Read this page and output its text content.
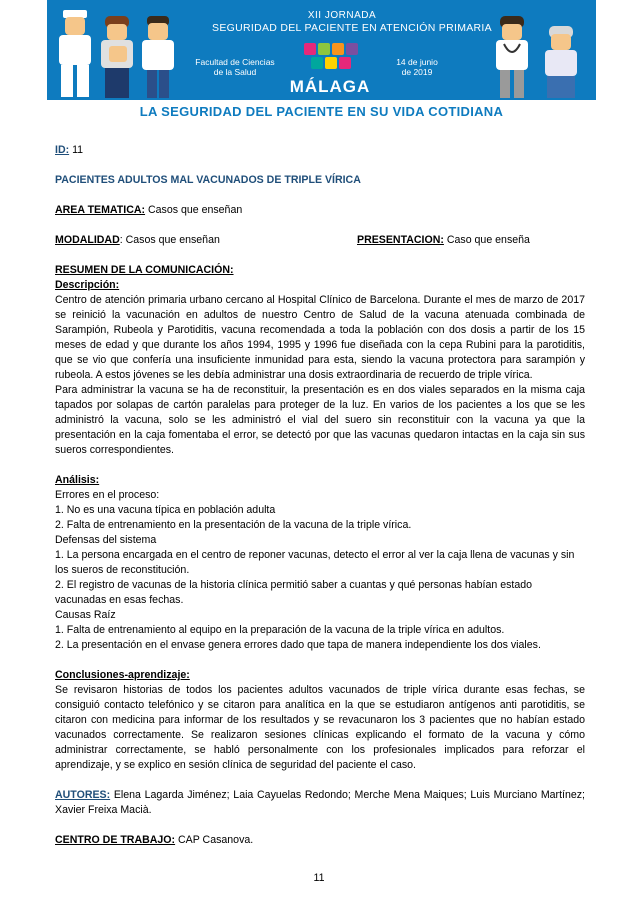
XII JORNADA
SEGURIDAD DEL PACIENTE EN ATENCIÓN PRIMARIA
Facultad de Ciencias
de la Salud
14 de junio
de 2019
MÁLAGA
LA SEGURIDAD DEL PACIENTE EN SU VIDA COTIDIANA

ID: 11

PACIENTES ADULTOS MAL VACUNADOS DE TRIPLE VÍRICA

AREA TEMATICA: Casos que enseñan

MODALIDAD: Casos que enseñan	PRESENTACION: Caso que enseña

RESUMEN DE LA COMUNICACIÓN:

Descripción:

Centro de atención primaria urbano cercano al Hospital Clínico de Barcelona. Durante el mes de marzo de 2017 se reinició la vacunación en adultos de nuestro Centro de Salud de la vacuna atenuada combinada de Sarampión, Rubeola y Parotiditis, vacuna recomendada a toda la población con dos dosis a partir de los 15 meses de edad y que durante los años 1994, 1995 y 1996 fue diseñada con la cepa Rubini para la parotiditis, que se vio que confería una insuficiente inmunidad para esta, siendo la vacuna protectora para sarampión y rubeola. A estos jóvenes se les debía administrar una dosis extraordinaria de recuerdo de triple vírica.

Para administrar la vacuna se ha de reconstituir, la presentación es en dos viales separados en la misma caja tapados por solapas de cartón paralelas para proteger de la luz. En varios de los pacientes a los que se les administró la vacuna, solo se les administró el vial del suero sin reconstituir con la vacuna ya que la presentación en la caja fomentaba el error, se detectó por que las vacunas quedaron intactas en la caja sin sus sueros correspondientes.

Análisis:

Errores en el proceso:

1. No es una vacuna típica en población adulta

2. Falta de entrenamiento en la presentación de la vacuna de la triple vírica.

Defensas del sistema

1. La persona encargada en el centro de reponer vacunas, detecto el error al ver la caja llena de vacunas y sin los sueros de reconstitución.

2. El registro de vacunas de la historia clínica permitió saber a cuantas y qué personas habían estado vacunadas en esas fechas.

Causas Raíz

1. Falta de entrenamiento al equipo en la preparación de la vacuna de la triple vírica en adultos.

2. La presentación en el envase genera errores dado que tapa de manera independiente los dos viales.

Conclusiones-aprendizaje:

Se revisaron historias de todos los pacientes adultos vacunados de triple vírica durante esas fechas, se consiguió contacto telefónico y se citaron para analítica en la que se estudiaron antígenos anti parotiditis, se citaron con medicina para informar de los resultados y se revacunaron los 3 pacientes que no habían estado vacunados correctamente. Se realizaron sesiones clínicas explicando el formato de la vacuna y cómo administrar correctamente, se habló personalmente con los profesionales implicados para reforzar el aprendizaje, y se explico en sesión clínica de seguridad del paciente el caso.

AUTORES: Elena Lagarda Jiménez; Laia Cayuelas Redondo; Merche Mena Maiques; Luis Murciano Martínez; Xavier Freixa Macià.

CENTRO DE TRABAJO: CAP Casanova.

11
